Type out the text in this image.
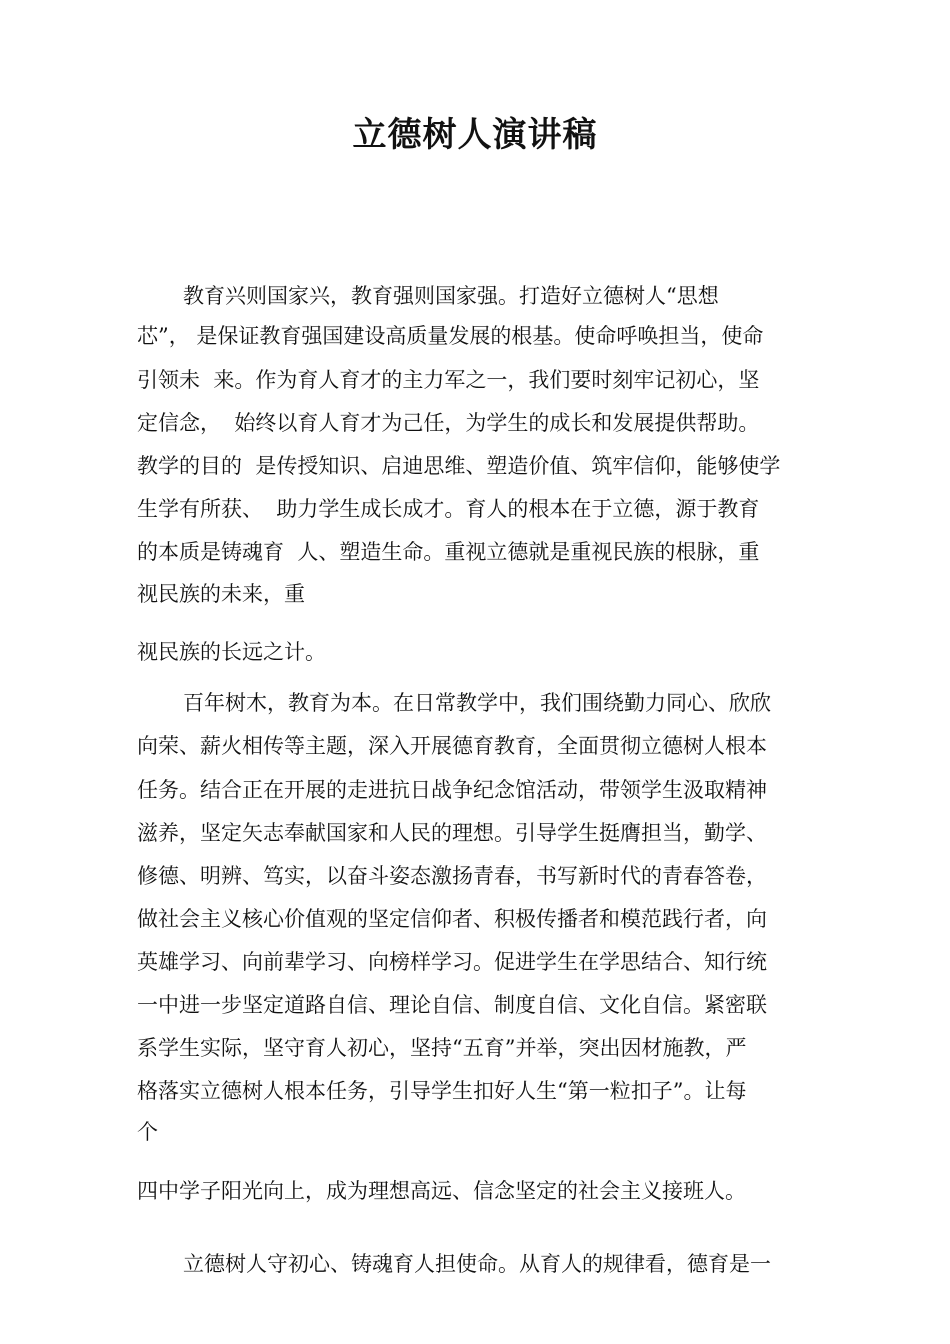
立德树人演讲稿
教育兴则国家兴，教育强则国家强。打造好立德树人“思想
芯”， 是保证教育强国建设高质量发展的根基。使命呼唤担当，使命
引领未  来。作为育人育才的主力军之一，我们要时刻牢记初心，坚
定信念，  始终以育人育才为己任，为学生的成长和发展提供帮助。
教学的目的  是传授知识、启迪思维、塑造价值、筑牢信仰，能够使学
生学有所获、  助力学生成长成才。育人的根本在于立德，源于教育
的本质是铸魂育  人、塑造生命。重视立德就是重视民族的根脉，重
视民族的未来，重
视民族的长远之计。
百年树木，教育为本。在日常教学中，我们围绕勤力同心、欣欣
向荣、薪火相传等主题，深入开展德育教育，全面贯彻立德树人根本
任务。结合正在开展的走进抗日战争纪念馆活动，带领学生汲取精神
滋养，坚定矢志奉献国家和人民的理想。引导学生挺膺担当，勤学、
修德、明辨、笃实，以奋斗姿态激扬青春，书写新时代的青春答卷，
做社会主义核心价值观的坚定信仰者、积极传播者和模范践行者，向
英雄学习、向前辈学习、向榜样学习。促进学生在学思结合、知行统
一中进一步坚定道路自信、理论自信、制度自信、文化自信。紧密联
系学生实际，坚守育人初心，坚持“五育”并举，突出因材施教，严
格落实立德树人根本任务，引导学生扣好人生“第一粒扣子”。让每
个
四中学子阳光向上，成为理想高远、信念坚定的社会主义接班人。
立德树人守初心、铸魂育人担使命。从育人的规律看，德育是一
